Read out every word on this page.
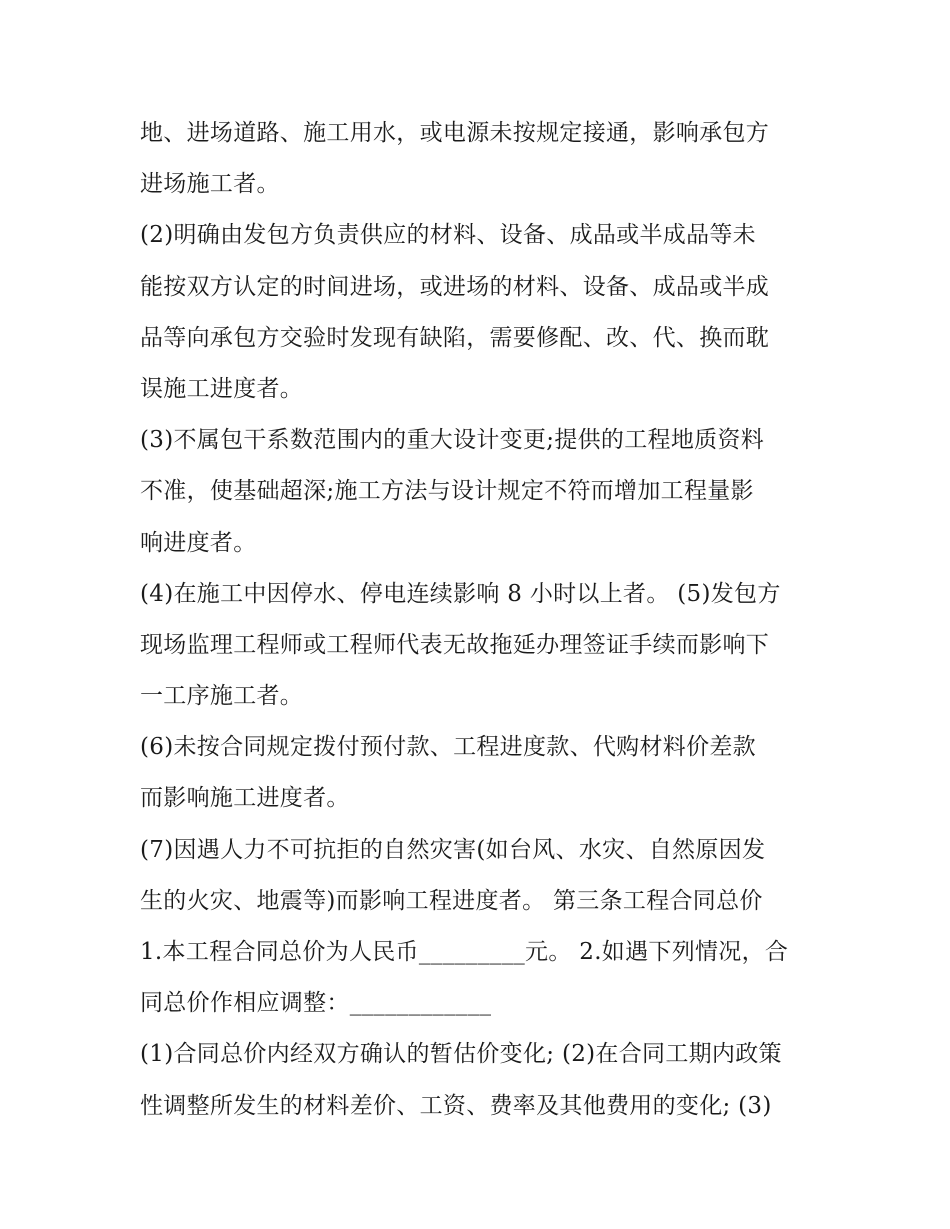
地、进场道路、施工用水，或电源未按规定接通，影响承包方
进场施工者。
(2)明确由发包方负责供应的材料、设备、成品或半成品等未
能按双方认定的时间进场，或进场的材料、设备、成品或半成
品等向承包方交验时发现有缺陷，需要修配、改、代、换而耽
误施工进度者。
(3)不属包干系数范围内的重大设计变更;提供的工程地质资料
不准，使基础超深;施工方法与设计规定不符而增加工程量影
响进度者。
(4)在施工中因停水、停电连续影响 8 小时以上者。 (5)发包方
现场监理工程师或工程师代表无故拖延办理签证手续而影响下
一工序施工者。
(6)未按合同规定拨付预付款、工程进度款、代购材料价差款
而影响施工进度者。
(7)因遇人力不可抗拒的自然灾害(如台风、水灾、自然原因发
生的火灾、地震等)而影响工程进度者。 第三条工程合同总价
1.本工程合同总价为人民币_________元。 2.如遇下列情况，合
同总价作相应调整：____________
(1)合同总价内经双方确认的暂估价变化; (2)在合同工期内政策
性调整所发生的材料差价、工资、费率及其他费用的变化; (3)
